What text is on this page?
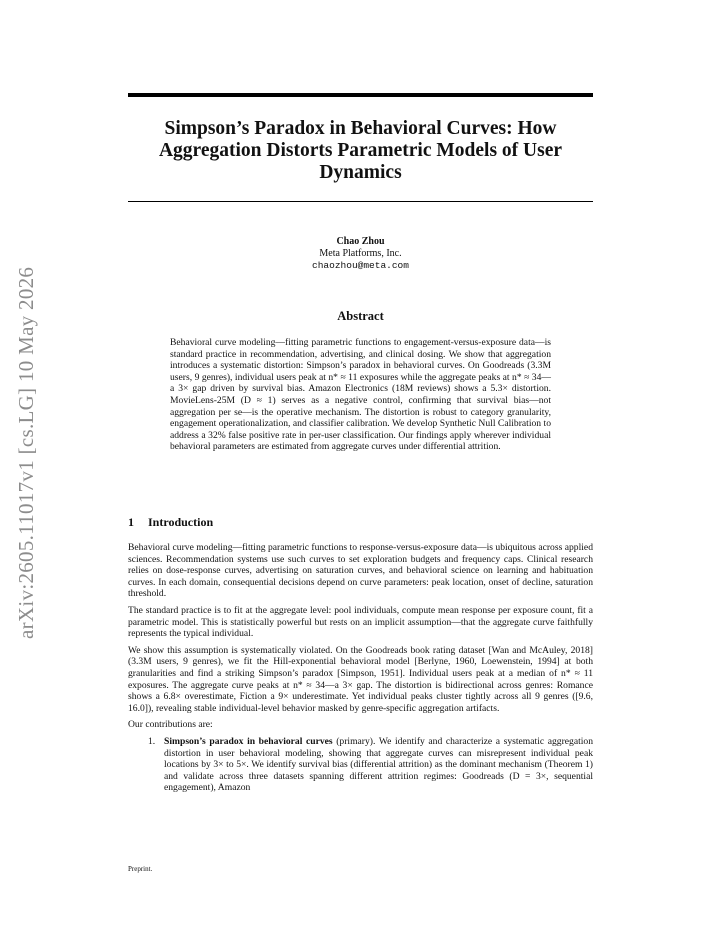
arXiv:2605.11017v1 [cs.LG] 10 May 2026
Simpson’s Paradox in Behavioral Curves: How Aggregation Distorts Parametric Models of User Dynamics
Chao Zhou
Meta Platforms, Inc.
chaozhou@meta.com
Abstract
Behavioral curve modeling—fitting parametric functions to engagement-versus-exposure data—is standard practice in recommendation, advertising, and clinical dosing. We show that aggregation introduces a systematic distortion: Simpson’s paradox in behavioral curves. On Goodreads (3.3M users, 9 genres), individual users peak at n* ≈ 11 exposures while the aggregate peaks at n* ≈ 34—a 3× gap driven by survival bias. Amazon Electronics (18M reviews) shows a 5.3× distortion. MovieLens-25M (D ≈ 1) serves as a negative control, confirming that survival bias—not aggregation per se—is the operative mechanism. The distortion is robust to category granularity, engagement operationalization, and classifier calibration. We develop Synthetic Null Calibration to address a 32% false positive rate in per-user classification. Our findings apply wherever individual behavioral parameters are estimated from aggregate curves under differential attrition.
1 Introduction

Behavioral curve modeling—fitting parametric functions to response-versus-exposure data—is ubiquitous across applied sciences. Recommendation systems use such curves to set exploration budgets and frequency caps. Clinical research relies on dose-response curves, advertising on saturation curves, and behavioral science on learning and habituation curves. In each domain, consequential decisions depend on curve parameters: peak location, onset of decline, saturation threshold.

The standard practice is to fit at the aggregate level: pool individuals, compute mean response per exposure count, fit a parametric model. This is statistically powerful but rests on an implicit assumption—that the aggregate curve faithfully represents the typical individual.

We show this assumption is systematically violated. On the Goodreads book rating dataset [Wan and McAuley, 2018] (3.3M users, 9 genres), we fit the Hill-exponential behavioral model [Berlyne, 1960, Loewenstein, 1994] at both granularities and find a striking Simpson’s paradox [Simpson, 1951]. Individual users peak at a median of n* ≈ 11 exposures. The aggregate curve peaks at n* ≈ 34—a 3× gap. The distortion is bidirectional across genres: Romance shows a 6.8× overestimate, Fiction a 9× underestimate. Yet individual peaks cluster tightly across all 9 genres ([9.6, 16.0]), revealing stable individual-level behavior masked by genre-specific aggregation artifacts.

Our contributions are:

1. Simpson’s paradox in behavioral curves (primary). We identify and characterize a systematic aggregation distortion in user behavioral modeling, showing that aggregate curves can misrepresent individual peak locations by 3× to 5×. We identify survival bias (differential attrition) as the dominant mechanism (Theorem 1) and validate across three datasets spanning different attrition regimes: Goodreads (D = 3×, sequential engagement), Amazon
Preprint.
